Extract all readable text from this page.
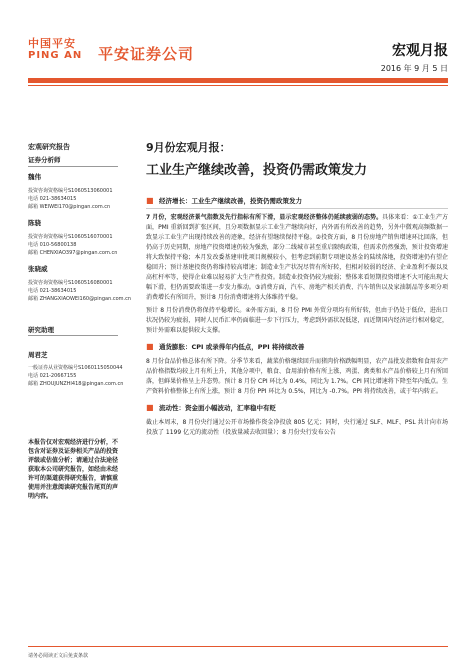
中国平安
PING AN 平安证券公司	宏观月报
2016 年 9 月 5 日
宏观研究报告
证券分析师
魏伟
投资咨询资格编号S1060513060001
电话 021-38634015
邮箱 WEIWEI170@pingan.com.cn
陈骁
投资咨询资格编号S1060516070001
电话 010-56800138
邮箱 CHENXIAO397@pingan.com.cn
张晓威
投资咨询资格编号S1060516080001
电话 021-38634015
邮箱 ZHANGXIAOWEI160@pingan.com.cn
研究助理
周君芝
一般证券从业资格编号S1060115050044
电话 021-20667155
邮箱 ZHOUJUNZHI418@pingan.com.cn
本报告仅对宏观经济进行分析，不包含对证券及证券相关产品的投资评级或估值分析；请通过合法途径获取本公司研究报告，如经由未经许可的渠道获得研究报告，请慎重使用并注意阅读研究报告尾页的声明内容。
9月份宏观月报：
工业生产继续改善，投资仍需政策发力
■ 经济增长：工业生产继续改善，投资仍需政策发力
7 月份，宏观经济景气指数及先行指标有所下滑，显示宏观经济整体仍延续疲弱的态势。具体来看：①工业生产方面，PMI 重新回到扩张区间，且分项数据显示工业生产继续向好，内外需有所改善的趋势，另外中微观高频数据一致显示工业生产出现持续改善的迹象，经济有望继续保持平稳。②投资方面，8 月份房地产销售增速环比回落，但仍高于历史同期，房地产投资增速仍较为强劲，部分二线城市甚至重启限购政策，但需求仍然强劲，预计投资增速将大致保持平稳；本月发改委基建审批项目规模较小，但考虑到前期专项建设基金的陆续落地，投资增速仍有望企稳回升；预计基建投资仍将维持较高增速；制造业生产状况尽管有所好转，但相对较弱的经济、企业盈利不振以及高杠杆率等，使得企业难以轻易扩大生产性投资。制造业投资仍较为疲弱；整体来看短期投资增速不大可能出现大幅下滑，但仍需要政策进一步发力推动。③消费方面，汽车、房地产相关消费、汽车销售以及家油制品等多项分项消费增长有所回升，预计8 月份消费增速将大体维持平稳。
预计 8 月份消费仍将保持平稳增长。④外需方面，8 月份 PMI 外贸分项均有所好转，但由于仍处于低位，进出口状况仍较为疲弱，同时人民币汇率仍面临进一步下行压力，考虑到外需状况低迷，而近期国内经济运行相对稳定，预计外需难以提供较大支撑。
■ 通货膨胀：CPI 或录得年内低点，PPI 将持续改善
8 月份食品价格总体有所下降。分季节来看，蔬菜价格继续回升而猪肉价格跌幅明显，农产品批发指数和食用农产品价格指数均较上月有所上升，其他分项中，粮食、食用油价格有所上涨，鸡蛋、禽类和水产品价格较上月有所回落，但鲜果价格呈上升态势。预计 8 月份 CPI 环比为 0.4%，同比为 1.7%。CPI 同比增速将下降至年内低点。生产资料价格整体上有所上涨，预计 8 月份 PPI 环比为 0.5%，同比为 -0.7%。PPI 将持续改善，或于年内转正。
■ 流动性：资金面小幅波动，汇率稳中有贬
截止本周末，8 月份央行通过公开市场操作资金净投放 805 亿元；同时，央行通过 SLF、MLF、PSL 共计向市场投放了 1199 亿元的流动性（投放量减去收回量）；8 月份央行发布公告
请务必阅读正文后免责条款
